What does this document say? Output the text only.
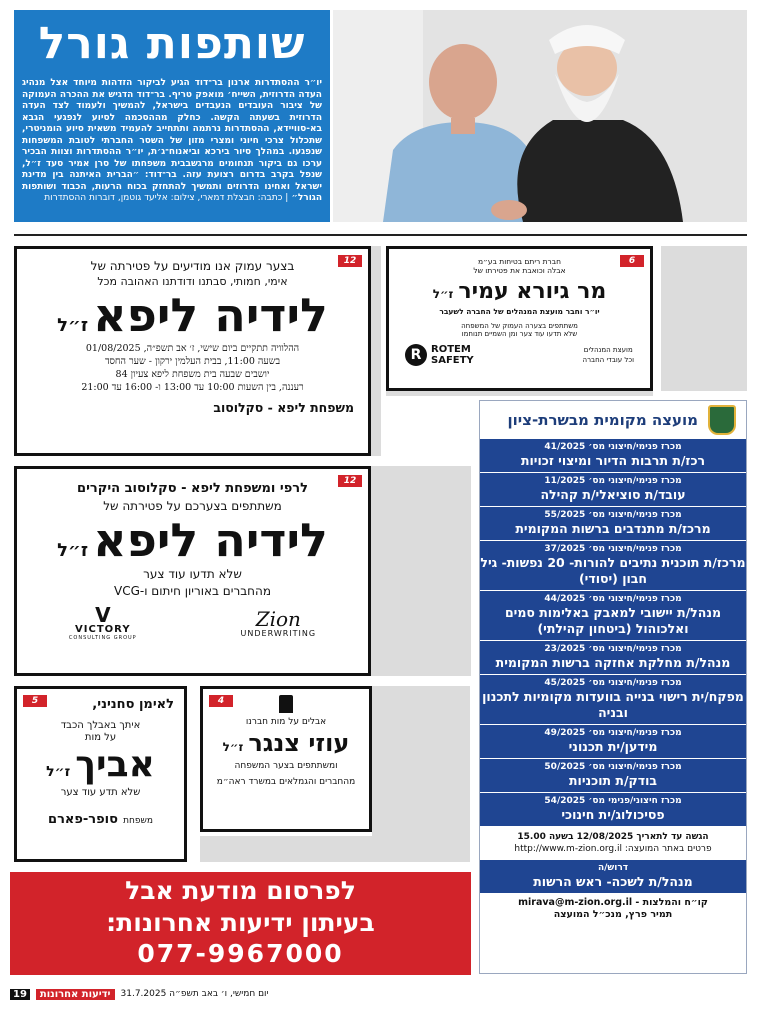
שותפות גורל
יו״ר ההסתדרות ארנון בר־דוד הגיע לביקור הזדהות מיוחד אצל מנהיג העדה הדרוזית, השייח׳ מואפק טריף. בר־דוד הדגיש את ההכרה העמוקה של ציבור העובדים הנעבדים בישראל, להמשיך ולעמוד לצד העדה הדרוזית בשעתה הקשה. כחלק מההסכמה לסיוע לנפגעי הגבא בא-סוויידא, ההסתדרות נרתמה ותתחייב להעמיד משאית סיוע הומניטרי, שתכלול צרכי חיוני ומצרי מזון של השסר החברתי לטובת המשפחות שנפגעו. במהלך סיור בירכא וביאנוח־ג׳ת, יו״ר ההסתדרות וצוות הבכיר ערכו גם ביקור תנחומים מרגשבבית משפחתו של סרן אמיר סעד ז״ל, שנפל בקרב בדרום רצועת עזה. בר־דוד: ״הברית האיתנה בין מדינת ישראל ואחינו הדרוזים ותמשיך להתחזק בכוח הרעות, הכבוד ושותפות הגורל״ | כתבה: חבצלת דמארי, צילום: אליעד גוטמן, דוברות ההסתדרות
12
בצער עמוק אנו מודיעים על פטירתה של
אימי, חמותי, סבתנו ודודתנו האהובה מכל
לידיה ליפא ז״ל
ההלוויה תתקיים ביום שישי, ז׳ אב תשפ״ה, 01/08/2025
בשעה 11:00, בבית העלמין ירקון - שער החסד
יושבים שבעה בית משפחת ליפא צעיון 84
רעננה, בין השעות 10:00 עד 13:00 ו- 16:00 עד 21:00
משפחת ליפא - סקלוסוב
6
חברת ריתם בטיחות בע״מ
אבלה וכואבת את פטירתו של
מר גיורא עמיר ז״ל
יו״ר וחבר מועצת המנהלים של החברה לשעבר
משתתפים בצערה העמוק של המשפחה
שלא תדעו עוד צער ומן השמיים תנוחמו
מועצת המנהלים
וכל עובדי החברה
R ROTEM
SAFETY
12
לרפי ומשפחת ליפא - סקלוסוב היקרים
משתתפים בצערכם על פטירתה של
לידיה ליפא ז״ל
שלא תדעו עוד צער
מהחברים באוריון חיתום ו-VCG
V
VICTORY
CONSULTING GROUP
Zion
UNDERWRITING
5	לאימן סחניני,
איתך באבלך הכבד
על מות
אביך ז״ל
שלא תדע עוד צער
משפחת סופר-פארם
4
אבלים על מות חברנו
עוזי צנגר ז״ל
ומשתתפים בצער המשפחה
מהחברים והגמלאים במשרד ראה״מ
מועצה מקומית מבשרת-ציון
מכרז פנימי/חיצוני מס׳ 41/2025
רכז/ת תרבות הדיור ומיצוי זכויות
מכרז פנימי/חיצוני מס׳ 11/2025
עובד/ת סוציאלי/ת קהילה
מכרז פנימי/חיצוני מס׳ 55/2025
מרכז/ת מתנדבים ברשות המקומית
מכרז פנימי/חיצוני מס׳ 37/2025
מרכז/ת תוכנית נתיבים להורות- 20 נפשות- גיל חבון (יסודי)
מכרז פנימי/חיצוני מס׳ 44/2025
מנהל/ת יישובי למאבק באלימות סמים ואלכוהול (ביטחון קהילתי)
מכרז פנימי/חיצוני מס׳ 23/2025
מנהל/ת מחלקת אחזקה ברשות המקומית
מכרז פנימי/חיצוני מס׳ 45/2025
מפקח/ית רישוי בנייה בוועדות מקומיות לתכנון ובניה
מכרז פנימי/חיצוני מס׳ 49/2025
מידען/ית תכנוני
מכרז פנימי/חיצוני מס׳ 50/2025
בודק/ת תוכניות
מכרז חיצוני/פנימי מס׳ 54/2025
פסיכולוג/ית חינוכי
הגשה עד לתאריך 12/08/2025 בשעה 15.00
פרטים באתר המועצה: http://www.m-zion.org.il
דרוש/ה
מנהל/ת לשכה- ראש הרשות
קו״ח והמלצות - mirava@m-zion.org.il
תמיר פרץ, מנכ״ל המועצה
לפרסום מודעת אבל
בעיתון ידיעות אחרונות:
077-9967000
19	ידיעות אחרונות	יום חמישי, ו׳ באב תשפ״ה 31.7.2025
